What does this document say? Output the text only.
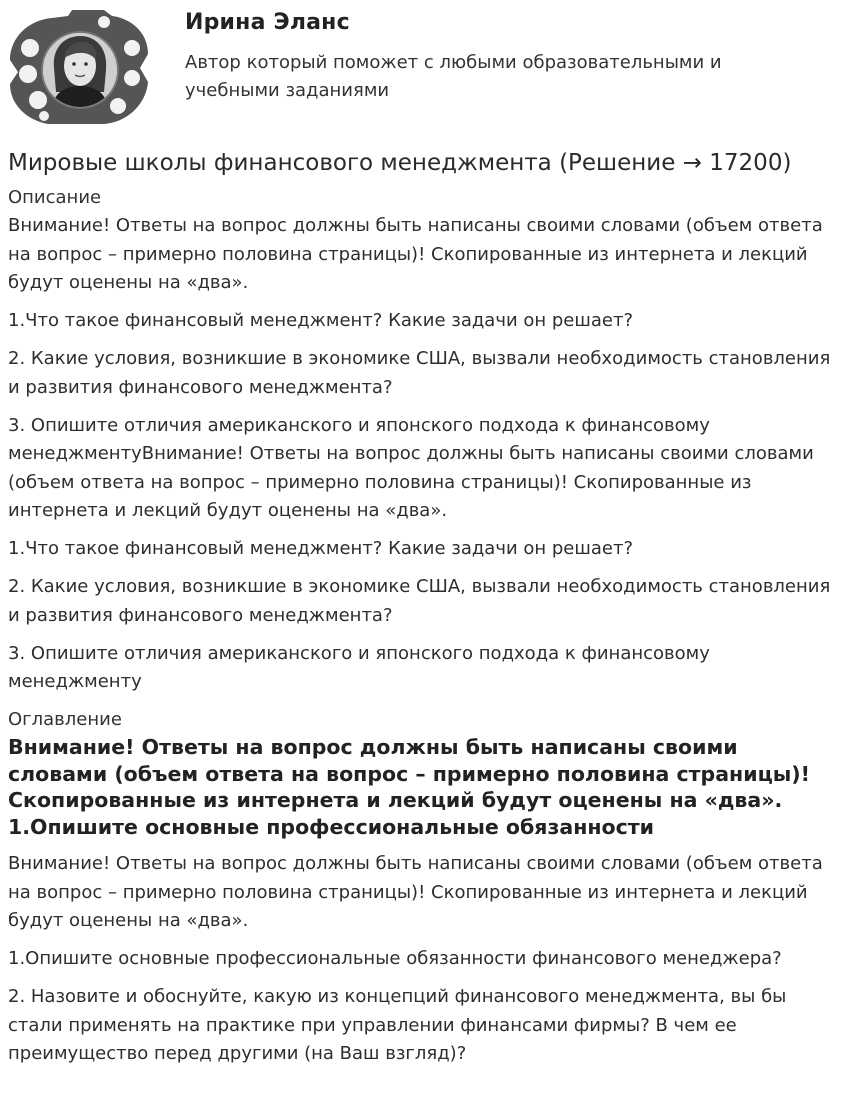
Ирина Эланс
Автор который поможет с любыми образовательными и учебными заданиями
Мировые школы финансового менеджмента (Решение → 17200)
Описание

Внимание! Ответы на вопрос должны быть написаны своими словами (объем ответа на вопрос – примерно половина страницы)! Скопированные из интернета и лекций будут оценены на «два».

1.Что такое финансовый менеджмент? Какие задачи он решает?

2. Какие условия, возникшие в экономике США, вызвали необходимость становления и развития финансового менеджмента?

3. Опишите отличия американского и японского подхода к финансовому менеджментуВнимание! Ответы на вопрос должны быть написаны своими словами (объем ответа на вопрос – примерно половина страницы)! Скопированные из интернета и лекций будут оценены на «два».

1.Что такое финансовый менеджмент? Какие задачи он решает?

2. Какие условия, возникшие в экономике США, вызвали необходимость становления и развития финансового менеджмента?

3. Опишите отличия американского и японского подхода к финансовому менеджменту

Оглавление
Внимание! Ответы на вопрос должны быть написаны своими словами (объем ответа на вопрос – примерно половина страницы)! Скопированные из интернета и лекций будут оценены на «два». 1.Опишите основные профессиональные обязанности

Внимание! Ответы на вопрос должны быть написаны своими словами (объем ответа на вопрос – примерно половина страницы)! Скопированные из интернета и лекций будут оценены на «два».

1.Опишите основные профессиональные обязанности финансового менеджера?

2. Назовите и обоснуйте, какую из концепций финансового менеджмента, вы бы стали применять на практике при управлении финансами фирмы? В чем ее преимущество перед другими (на Ваш взгляд)?
